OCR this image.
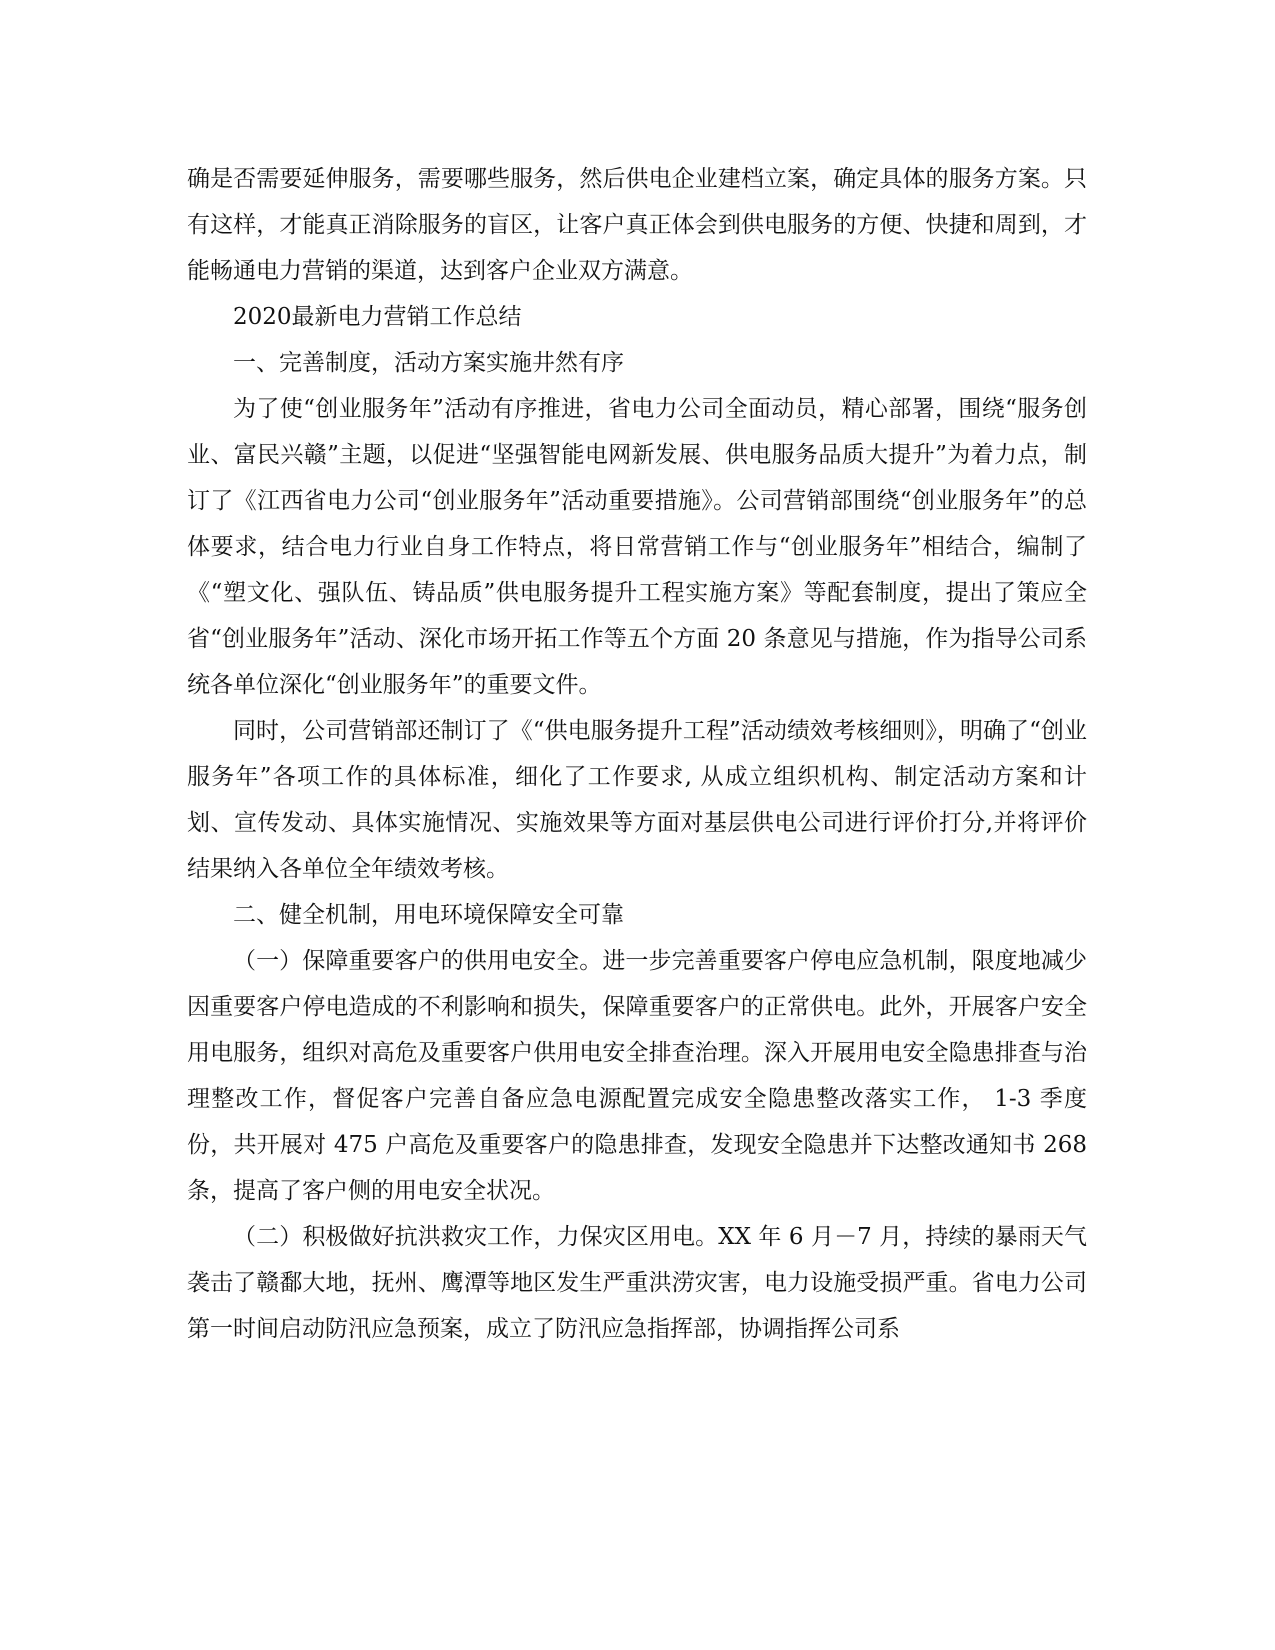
确是否需要延伸服务，需要哪些服务，然后供电企业建档立案，确定具体的服务方案。只有这样，才能真正消除服务的盲区，让客户真正体会到供电服务的方便、快捷和周到，才能畅通电力营销的渠道，达到客户企业双方满意。

2020最新电力营销工作总结

一、完善制度，活动方案实施井然有序

为了使“创业服务年”活动有序推进，省电力公司全面动员，精心部署，围绕“服务创业、富民兴赣”主题，以促进“坚强智能电网新发展、供电服务品质大提升”为着力点，制订了《江西省电力公司“创业服务年”活动重要措施》。公司营销部围绕“创业服务年”的总体要求，结合电力行业自身工作特点，将日常营销工作与“创业服务年”相结合，编制了《“塑文化、强队伍、铸品质”供电服务提升工程实施方案》等配套制度，提出了策应全省“创业服务年”活动、深化市场开拓工作等五个方面 20 条意见与措施，作为指导公司系统各单位深化“创业服务年”的重要文件。

同时，公司营销部还制订了《“供电服务提升工程”活动绩效考核细则》，明确了“创业服务年”各项工作的具体标准，细化了工作要求, 从成立组织机构、制定活动方案和计划、宣传发动、具体实施情况、实施效果等方面对基层供电公司进行评价打分,并将评价结果纳入各单位全年绩效考核。

二、健全机制，用电环境保障安全可靠

（一）保障重要客户的供用电安全。进一步完善重要客户停电应急机制，限度地减少因重要客户停电造成的不利影响和损失，保障重要客户的正常供电。此外，开展客户安全用电服务，组织对高危及重要客户供用电安全排查治理。深入开展用电安全隐患排查与治理整改工作，督促客户完善自备应急电源配置完成安全隐患整改落实工作， 1-3 季度份，共开展对 475 户高危及重要客户的隐患排查，发现安全隐患并下达整改通知书 268 条，提高了客户侧的用电安全状况。

（二）积极做好抗洪救灾工作，力保灾区用电。XX 年 6 月－7 月，持续的暴雨天气袭击了赣鄱大地，抚州、鹰潭等地区发生严重洪涝灾害，电力设施受损严重。省电力公司第一时间启动防汛应急预案，成立了防汛应急指挥部，协调指挥公司系
